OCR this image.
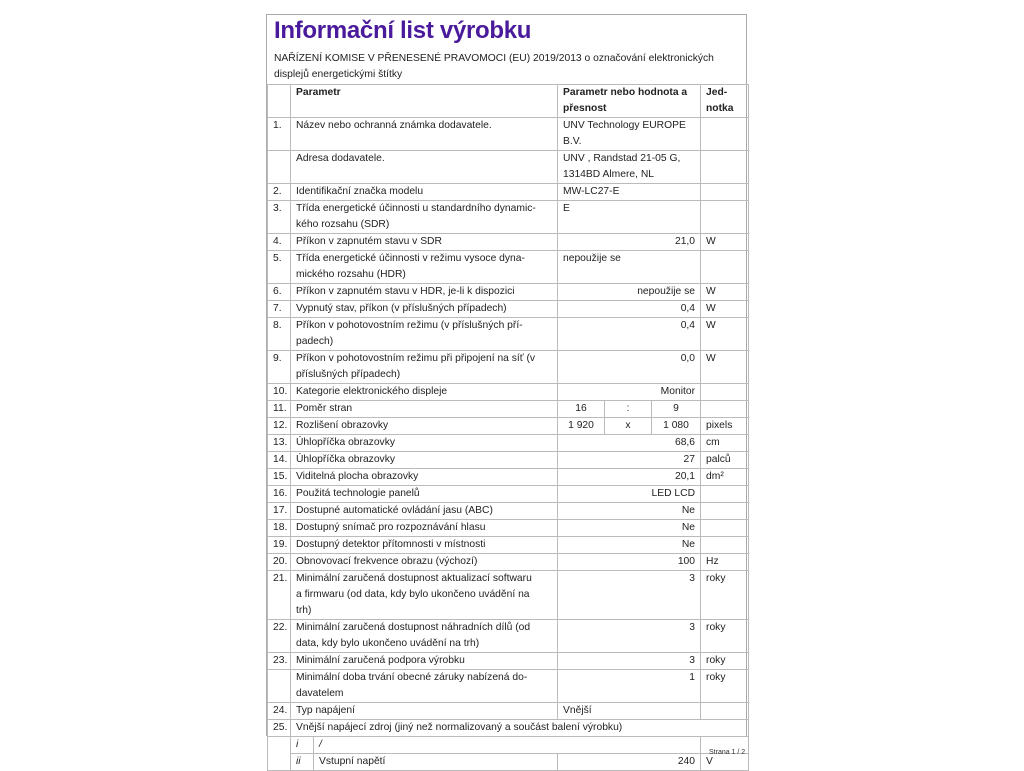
Informační list výrobku
NAŘÍZENÍ KOMISE V PŘENESENÉ PRAVOMOCI (EU) 2019/2013 o označování elektronických displejů energetickými štítky
	Parametr		Parametr nebo hodnota a
přesnost			Jed-
notka
1.	Název nebo ochranná známka dodavatele.		UNV Technology EUROPE
B.V.			
	Adresa dodavatele.		UNV , Randstad 21-05 G,
1314BD Almere, NL			
2.	Identifikační značka modelu		MW-LC27-E			
3.	Třída energetické účinnosti u standardního dynamic-
kého rozsahu (SDR)		E			
4.	Příkon v zapnutém stavu v SDR		21,0			W
5.	Třída energetické účinnosti v režimu vysoce dyna-
mického rozsahu (HDR)		nepoužije se			
6.	Příkon v zapnutém stavu v HDR, je-li k dispozici		nepoužije se			W
7.	Vypnutý stav, příkon (v příslušných případech)		0,4			W
8.	Příkon v pohotovostním režimu (v příslušných pří-
padech)		0,4			W
9.	Příkon v pohotovostním režimu při připojení na síť (v
příslušných případech)		0,0			W
10.	Kategorie elektronického displeje		Monitor			
11.	Poměr stran		16	:	9	
12.	Rozlišení obrazovky		1 920	x	1 080	pixels
13.	Úhlopříčka obrazovky		68,6			cm
14.	Úhlopříčka obrazovky		27			palců
15.	Viditelná plocha obrazovky		20,1			dm²
16.	Použitá technologie panelů		LED LCD			
17.	Dostupné automatické ovládání jasu (ABC)		Ne			
18.	Dostupný snímač pro rozpoznávání hlasu		Ne			
19.	Dostupný detektor přítomnosti v místnosti		Ne			
20.	Obnovovací frekvence obrazu (výchozí)		100			Hz
21.	Minimální zaručená dostupnost aktualizací softwaru
a firmwaru (od data, kdy bylo ukončeno uvádění na
trh)		3			roky
22.	Minimální zaručená dostupnost náhradních dílů (od
data, kdy bylo ukončeno uvádění na trh)		3			roky
23.	Minimální zaručená podpora výrobku		3			roky
	Minimální doba trvání obecné záruky nabízená do-
davatelem		1			roky
24.	Typ napájení		Vnější			
25.	Vnější napájecí zdroj (jiný než normalizovaný a součást balení výrobku)					
	i	/				
	ii	Vstupní napětí	240			V
Strana 1 / 2
